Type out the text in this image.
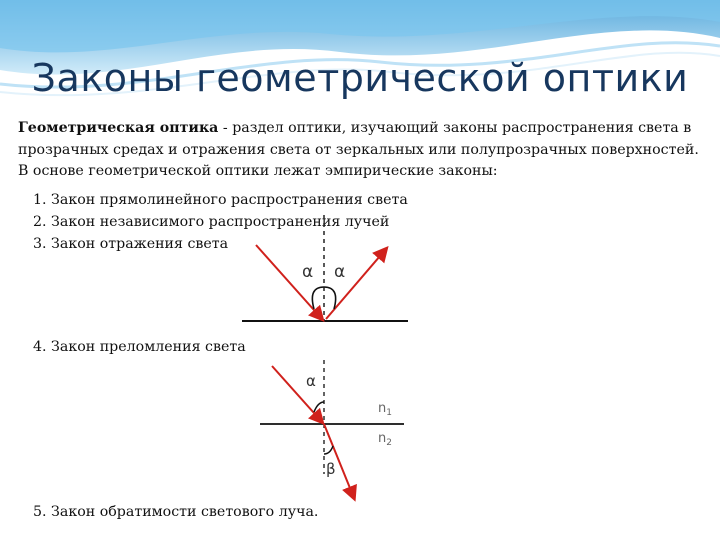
Законы геометрической оптики
Геометрическая оптика - раздел оптики, изучающий законы распространения света в прозрачных средах и отражения света от зеркальных или полупрозрачных поверхностей. В основе геометрической оптики лежат эмпирические законы:
1. Закон прямолинейного распространения света
2. Закон независимого распространения лучей
3. Закон отражения света
4. Закон преломления света
5. Закон обратимости светового луча.
α α
α
β
$n_1$
$n_2$
